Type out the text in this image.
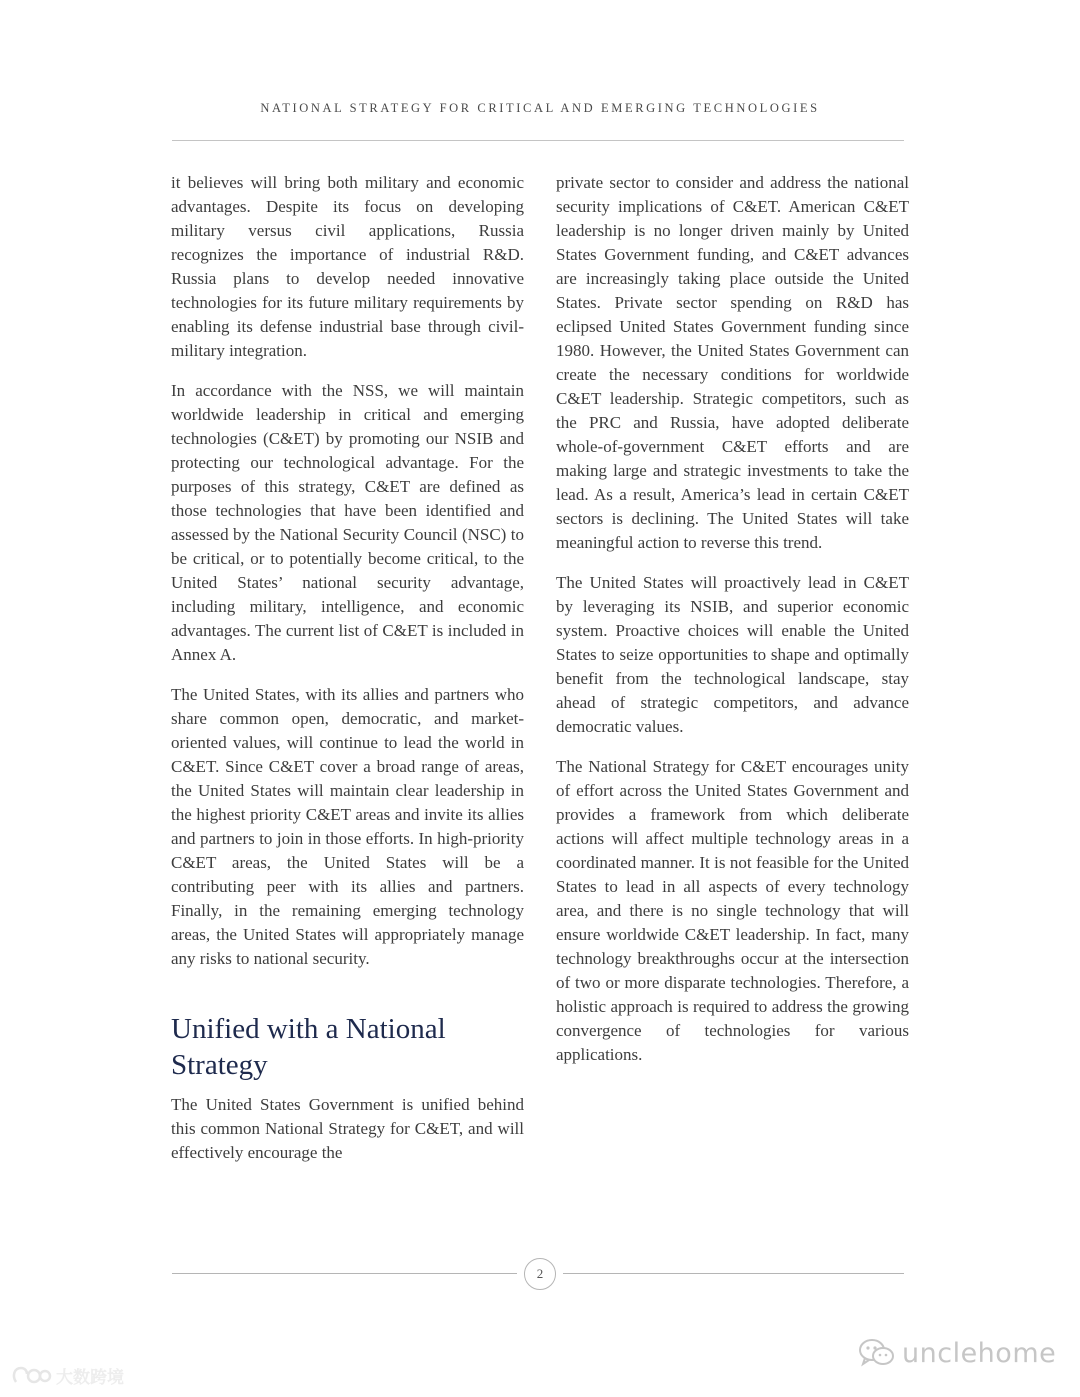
NATIONAL STRATEGY FOR CRITICAL AND EMERGING TECHNOLOGIES

it believes will bring both military and economic advantages. Despite its focus on developing military versus civil applications, Russia recognizes the importance of industrial R&D. Russia plans to develop needed innovative technologies for its future military requirements by enabling its defense industrial base through civil-military integration.

In accordance with the NSS, we will maintain worldwide leadership in critical and emerging technologies (C&ET) by promoting our NSIB and protecting our technological advantage. For the purposes of this strategy, C&ET are defined as those technologies that have been identified and assessed by the National Security Council (NSC) to be critical, or to potentially become critical, to the United States’ national security advantage, including military, intelligence, and economic advantages. The current list of C&ET is included in Annex A.

The United States, with its allies and partners who share common open, democratic, and market-oriented values, will continue to lead the world in C&ET. Since C&ET cover a broad range of areas, the United States will maintain clear leadership in the highest priority C&ET areas and invite its allies and partners to join in those efforts. In high-priority C&ET areas, the United States will be a contributing peer with its allies and partners. Finally, in the remaining emerging technology areas, the United States will appropriately manage any risks to national security.

Unified with a National Strategy

The United States Government is unified behind this common National Strategy for C&ET, and will effectively encourage the

private sector to consider and address the national security implications of C&ET. American C&ET leadership is no longer driven mainly by United States Government funding, and C&ET advances are increasingly taking place outside the United States. Private sector spending on R&D has eclipsed United States Government funding since 1980. However, the United States Government can create the necessary conditions for worldwide C&ET leadership. Strategic competitors, such as the PRC and Russia, have adopted deliberate whole-of-government C&ET efforts and are making large and strategic investments to take the lead. As a result, America’s lead in certain C&ET sectors is declining. The United States will take meaningful action to reverse this trend.

The United States will proactively lead in C&ET by leveraging its NSIB, and superior economic system. Proactive choices will enable the United States to seize opportunities to shape and optimally benefit from the technological landscape, stay ahead of strategic competitors, and advance democratic values.

The National Strategy for C&ET encourages unity of effort across the United States Government and provides a framework from which deliberate actions will affect multiple technology areas in a coordinated manner. It is not feasible for the United States to lead in all aspects of every technology area, and there is no single technology that will ensure worldwide C&ET leadership. In fact, many technology breakthroughs occur at the intersection of two or more disparate technologies. Therefore, a holistic approach is required to address the growing convergence of technologies for various applications.

2
大数跨境
unclehome
